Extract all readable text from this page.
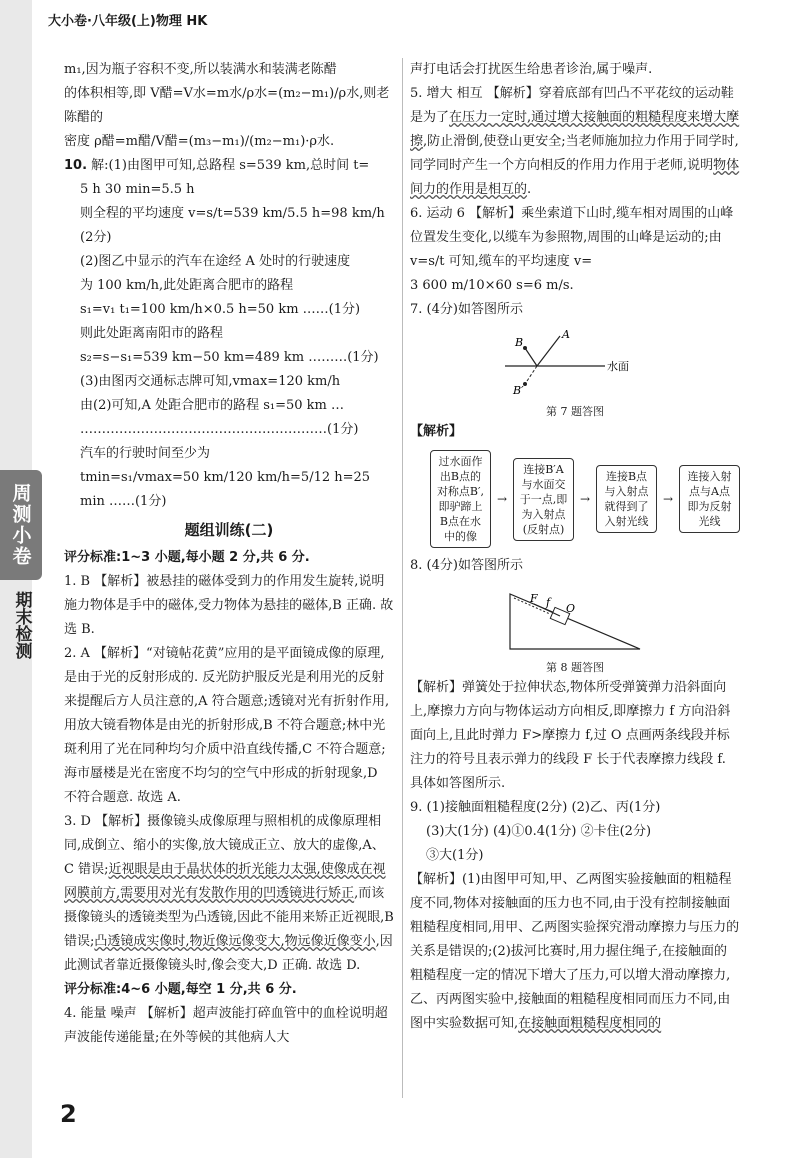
大小卷·八年级(上)物理 HK
周测小卷
期末检测

m₁,因为瓶子容积不变,所以装满水和装满老陈醋

的体积相等,即 V醋=V水=m水/ρ水=(m₂−m₁)/ρ水,则老陈醋的

密度 ρ醋=m醋/V醋=(m₃−m₁)/(m₂−m₁)·ρ水.

10. 解:(1)由图甲可知,总路程 s=539 km,总时间 t=

5 h 30 min=5.5 h

则全程的平均速度 v=s/t=539 km/5.5 h=98 km/h (2分)

(2)图乙中显示的汽车在途经 A 处时的行驶速度

为 100 km/h,此处距离合肥市的路程

s₁=v₁ t₁=100 km/h×0.5 h=50 km ……(1分)

则此处距离南阳市的路程

s₂=s−s₁=539 km−50 km=489 km ………(1分)

(3)由图丙交通标志牌可知,vmax=120 km/h

由(2)可知,A 处距合肥市的路程 s₁=50 km …

…………………………………………………(1分)

汽车的行驶时间至少为

tmin=s₁/vmax=50 km/120 km/h=5/12 h=25 min ……(1分)

题组训练(二)

评分标准:1~3 小题,每小题 2 分,共 6 分.

1. B 【解析】被悬挂的磁体受到力的作用发生旋转,说明施力物体是手中的磁体,受力物体为悬挂的磁体,B 正确. 故选 B.

2. A 【解析】“对镜帖花黄”应用的是平面镜成像的原理,是由于光的反射形成的. 反光防护服反光是利用光的反射来提醒后方人员注意的,A 符合题意;透镜对光有折射作用,用放大镜看物体是由光的折射形成,B 不符合题意;林中光斑利用了光在同种均匀介质中沿直线传播,C 不符合题意;海市蜃楼是光在密度不均匀的空气中形成的折射现象,D 不符合题意. 故选 A.

3. D 【解析】摄像镜头成像原理与照相机的成像原理相同,成倒立、缩小的实像,放大镜成正立、放大的虚像,A、C 错误;近视眼是由于晶状体的折光能力太强,使像成在视网膜前方,需要用对光有发散作用的凹透镜进行矫正,而该摄像镜头的透镜类型为凸透镜,因此不能用来矫正近视眼,B 错误;凸透镜成实像时,物近像远像变大,物远像近像变小,因此测试者靠近摄像镜头时,像会变大,D 正确. 故选 D.

评分标准:4~6 小题,每空 1 分,共 6 分.

4. 能量 噪声 【解析】超声波能打碎血管中的血栓说明超声波能传递能量;在外等候的其他病人大

声打电话会打扰医生给患者诊治,属于噪声.

5. 增大 相互 【解析】穿着底部有凹凸不平花纹的运动鞋是为了在压力一定时,通过增大接触面的粗糙程度来增大摩擦,防止滑倒,使登山更安全;当老师施加拉力作用于同学时,同学同时产生一个方向相反的作用力作用于老师,说明物体间力的作用是相互的.

6. 运动 6 【解析】乘坐索道下山时,缆车相对周围的山峰位置发生变化,以缆车为参照物,周围的山峰是运动的;由 v=s/t 可知,缆车的平均速度 v=

3 600 m/10×60 s=6 m/s.

7. (4分)如答图所示

水面
A
B
B′
第 7 题答图

【解析】

过水面作出B点的对称点B′,即驴蹄上B点在水中的像
→
连接B′A与水面交于一点,即为入射点(反射点)
→
连接B点与入射点就得到了入射光线
→
连接入射点与A点即为反射光线

8. (4分)如答图所示

F f O
第 8 题答图

【解析】弹簧处于拉伸状态,物体所受弹簧弹力沿斜面向上,摩擦力方向与物体运动方向相反,即摩擦力 f 方向沿斜面向上,且此时弹力 F>摩擦力 f,过 O 点画两条线段并标注力的符号且表示弹力的线段 F 长于代表摩擦力线段 f. 具体如答图所示.

9. (1)接触面粗糙程度(2分) (2)乙、丙(1分)

(3)大(1分) (4)①0.4(1分) ②卡住(2分)

③大(1分)

【解析】(1)由图甲可知,甲、乙两图实验接触面的粗糙程度不同,物体对接触面的压力也不同,由于没有控制接触面粗糙程度相同,用甲、乙两图实验探究滑动摩擦力与压力的关系是错误的;(2)拔河比赛时,用力握住绳子,在接触面的粗糙程度一定的情况下增大了压力,可以增大滑动摩擦力,乙、丙两图实验中,接触面的粗糙程度相同而压力不同,由图中实验数据可知,在接触面粗糙程度相同的

2
